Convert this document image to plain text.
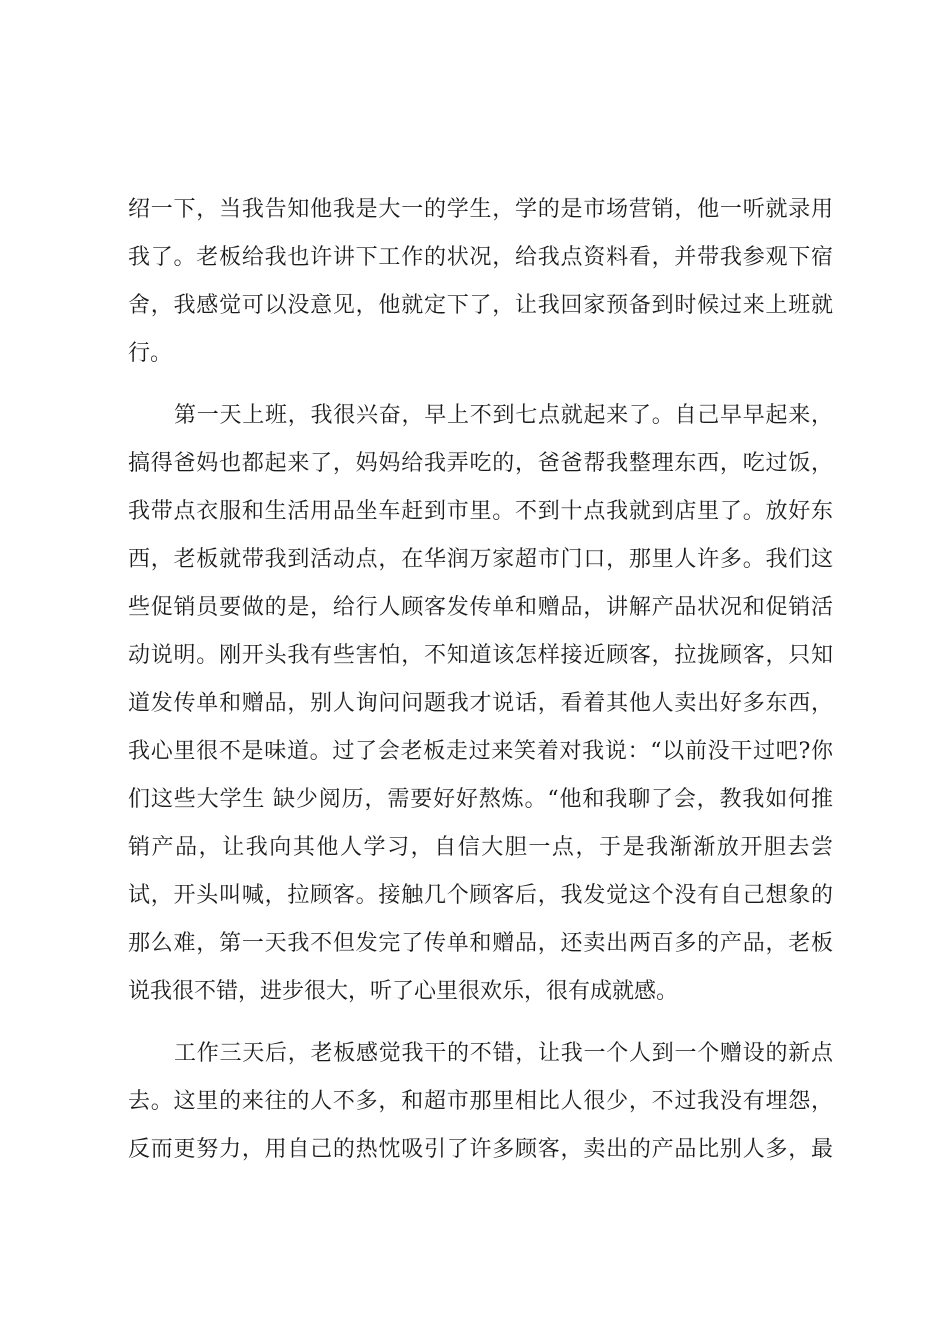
绍一下，当我告知他我是大一的学生，学的是市场营销，他一听就录用
我了。老板给我也许讲下工作的状况，给我点资料看，并带我参观下宿
舍，我感觉可以没意见，他就定下了，让我回家预备到时候过来上班就
行。
第一天上班，我很兴奋，早上不到七点就起来了。自己早早起来，
搞得爸妈也都起来了，妈妈给我弄吃的，爸爸帮我整理东西，吃过饭，
我带点衣服和生活用品坐车赶到市里。不到十点我就到店里了。放好东
西，老板就带我到活动点，在华润万家超市门口，那里人许多。我们这
些促销员要做的是，给行人顾客发传单和赠品，讲解产品状况和促销活
动说明。刚开头我有些害怕，不知道该怎样接近顾客，拉拢顾客，只知
道发传单和赠品，别人询问问题我才说话，看着其他人卖出好多东西，
我心里很不是味道。过了会老板走过来笑着对我说：“以前没干过吧?你
们这些大学生 缺少阅历，需要好好熬炼。“他和我聊了会，教我如何推
销产品，让我向其他人学习，自信大胆一点，于是我渐渐放开胆去尝
试，开头叫喊，拉顾客。接触几个顾客后，我发觉这个没有自己想象的
那么难，第一天我不但发完了传单和赠品，还卖出两百多的产品，老板
说我很不错，进步很大，听了心里很欢乐，很有成就感。
工作三天后，老板感觉我干的不错，让我一个人到一个赠设的新点
去。这里的来往的人不多，和超市那里相比人很少，不过我没有埋怨，
反而更努力，用自己的热忱吸引了许多顾客，卖出的产品比别人多，最
